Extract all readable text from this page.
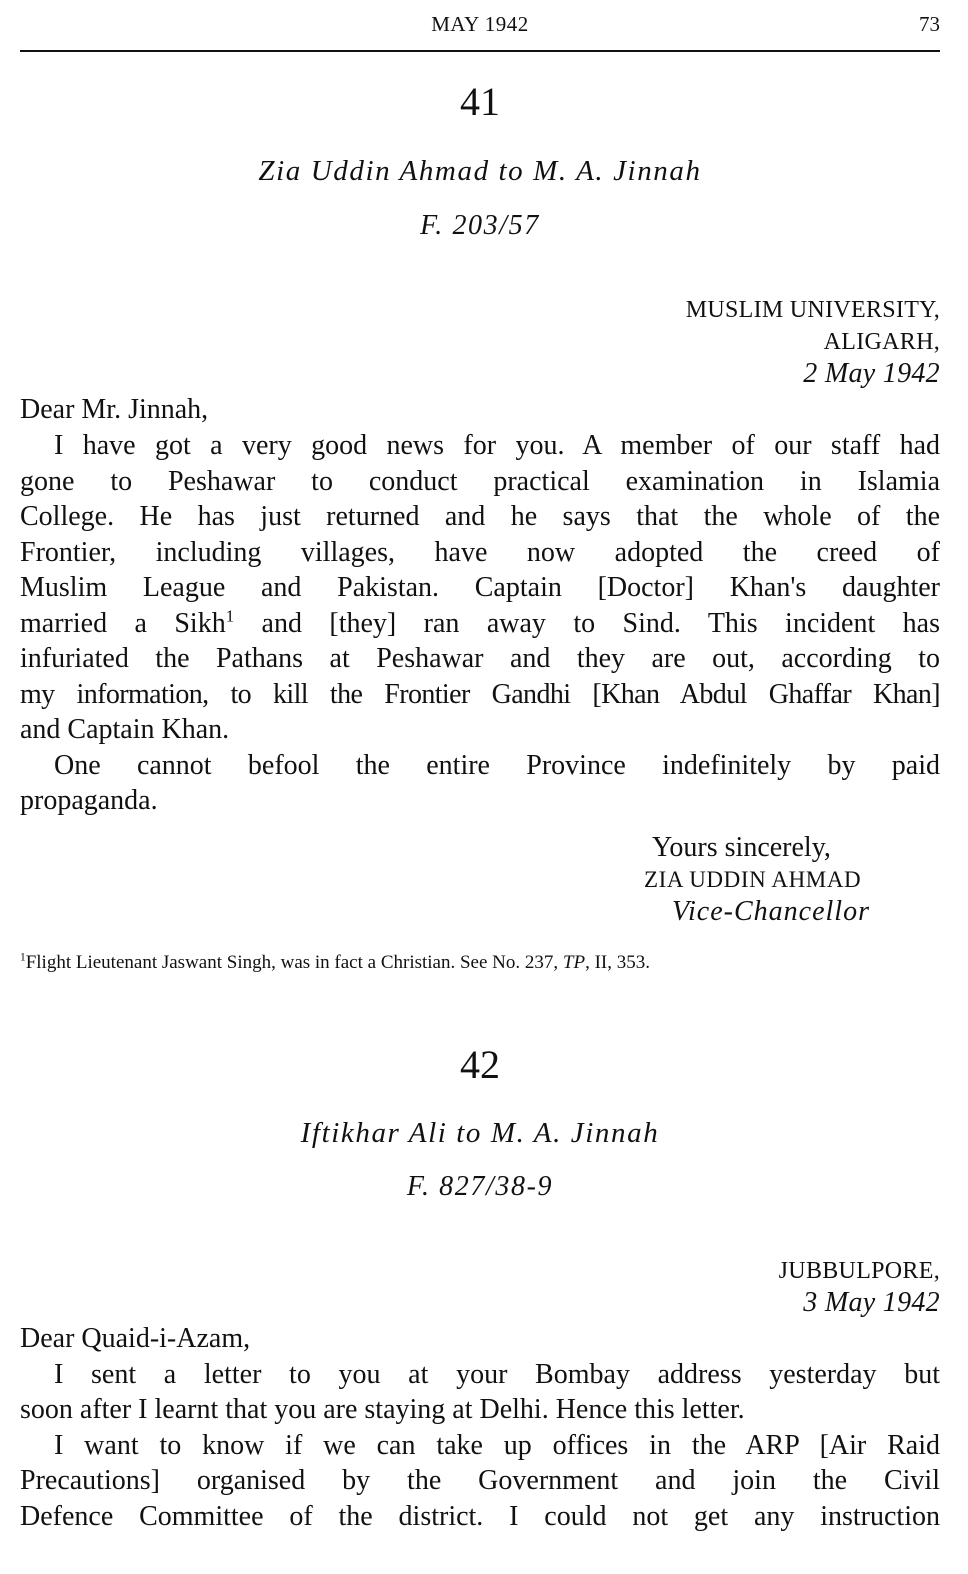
MAY 1942	73
41
Zia Uddin Ahmad to M. A. Jinnah
F. 203/57
MUSLIM UNIVERSITY,
ALIGARH,
2 May 1942
Dear Mr. Jinnah,
I have got a very good news for you. A member of our staff had
gone to Peshawar to conduct practical examination in Islamia
College. He has just returned and he says that the whole of the
Frontier, including villages, have now adopted the creed of
Muslim League and Pakistan. Captain [Doctor] Khan's daughter
married a Sikh$^1$ and [they] ran away to Sind. This incident has
infuriated the Pathans at Peshawar and they are out, according to
my information, to kill the Frontier Gandhi [Khan Abdul Ghaffar Khan]
and Captain Khan.
One cannot befool the entire Province indefinitely by paid
propaganda.
Yours sincerely,
ZIA UDDIN AHMAD
Vice-Chancellor
$^1$Flight Lieutenant Jaswant Singh, was in fact a Christian. See No. 237, TP, II, 353.
42
Iftikhar Ali to M. A. Jinnah
F. 827/38-9
JUBBULPORE,
3 May 1942
Dear Quaid-i-Azam,
I sent a letter to you at your Bombay address yesterday but
soon after I learnt that you are staying at Delhi. Hence this letter.
I want to know if we can take up offices in the ARP [Air Raid
Precautions] organised by the Government and join the Civil
Defence Committee of the district. I could not get any instruction
